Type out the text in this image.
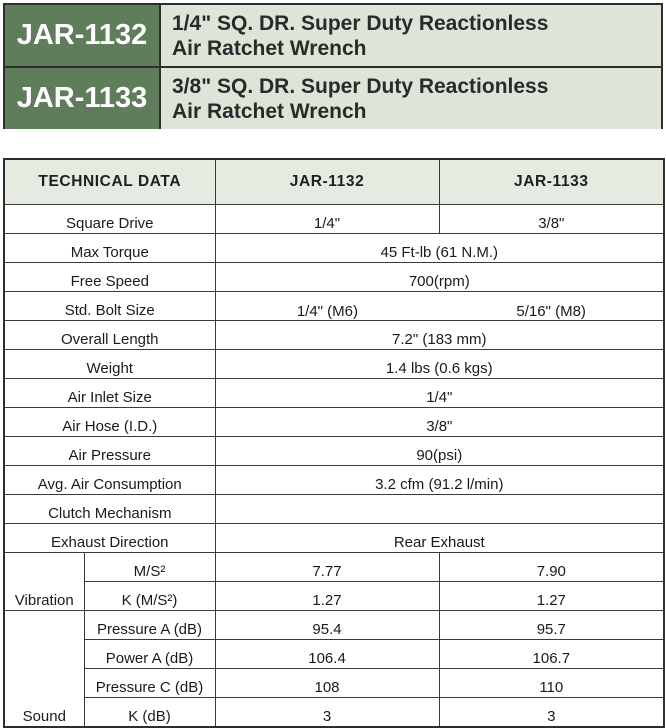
JAR-1132	1/4" SQ. DR. Super Duty Reactionless
Air Ratchet Wrench
JAR-1133	3/8" SQ. DR. Super Duty Reactionless
Air Ratchet Wrench
TECHNICAL DATA		JAR-1132	JAR-1133
Square Drive		1/4"	3/8"
Max Torque		45 Ft-lb (61 N.M.)	
Free Speed		700(rpm)	
Std. Bolt Size		1/4" (M6) 5/16" (M8)	

Overall Length		7.2" (183 mm)	
Weight		1.4 lbs (0.6 kgs)	
Air Inlet Size		1/4"	
Air Hose (I.D.)		3/8"	
Air Pressure		90(psi)	
Avg. Air Consumption		3.2 cfm (91.2 l/min)	
Clutch Mechanism			
Exhaust Direction		Rear Exhaust	
Vibration	M/S²	7.77	7.90
	K (M/S²)	1.27	1.27
Sound	Pressure A (dB)	95.4	95.7
	Power A (dB)	106.4	106.7
	Pressure C (dB)	108	110
	K (dB)	3	3
